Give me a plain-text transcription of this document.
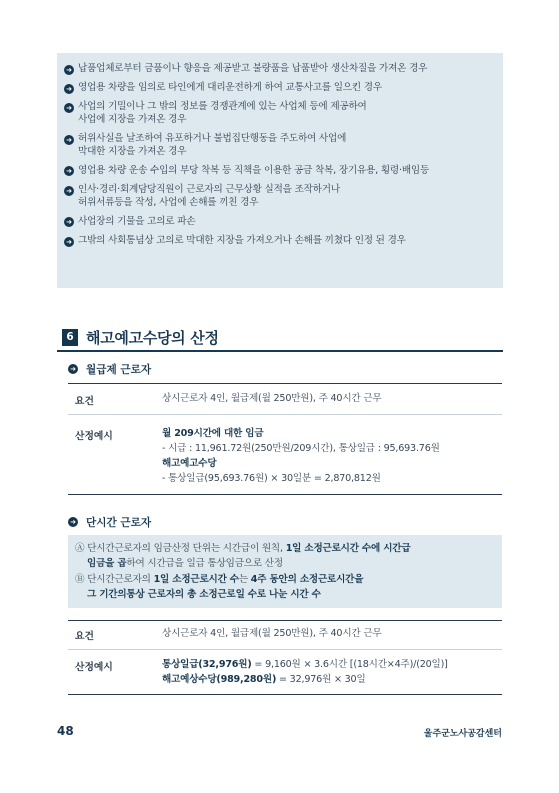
➜ 납품업체로부터 금품이나 향응을 제공받고 불량품을 납품받아 생산차질을 가져온 경우
➜ 영업용 차량을 임의로 타인에게 대리운전하게 하여 교통사고를 일으킨 경우
➜ 사업의 기밀이나 그 밖의 정보를 경쟁관계에 있는 사업체 등에 제공하여
사업에 지장을 가져온 경우
➜ 허위사실을 날조하여 유포하거나 불법집단행동을 주도하여 사업에
막대한 지장을 가져온 경우
➜ 영업용 차량 운송 수입의 부당 착복 등 직책을 이용한 공금 착복, 장기유용, 횡령·배임등
➜ 인사·경리·회계담당직원이 근로자의 근무상황 실적을 조작하거나
허위서류등을 작성, 사업에 손해를 끼친 경우
➜ 사업장의 기물을 고의로 파손
➜ 그밖의 사회통념상 고의로 막대한 지장을 가져오거나 손해를 끼쳤다 인정 된 경우
6 해고예고수당의 산정
➜ 월급제 근로자
요건	상시근로자 4인, 월급제(월 250만원), 주 40시간 근무
산정예시	월 209시간에 대한 임금
- 시급 : 11,961.72원(250만원/209시간), 통상일급 : 95,693.76원
해고예고수당
- 통상일급(95,693.76원) × 30일분 = 2,870,812원
➜ 단시간 근로자
Ⓐ 단시간근로자의 임금산정 단위는 시간급이 원칙, 1일 소정근로시간 수에 시간급

임금을 곱하여 시간급을 일급 통상임금으로 산정
Ⓑ 단시간근로자의 1일 소정근로시간 수는 4주 동안의 소정근로시간을

그 기간의통상 근로자의 총 소정근로일 수로 나눈 시간 수
요건	상시근로자 4인, 월급제(월 250만원), 주 40시간 근무
산정예시	통상일급(32,976원) = 9,160원 × 3.6시간 [(18시간×4주)/(20일)]
해고예상수당(989,280원) = 32,976원 × 30일
48	울주군노사공감센터
